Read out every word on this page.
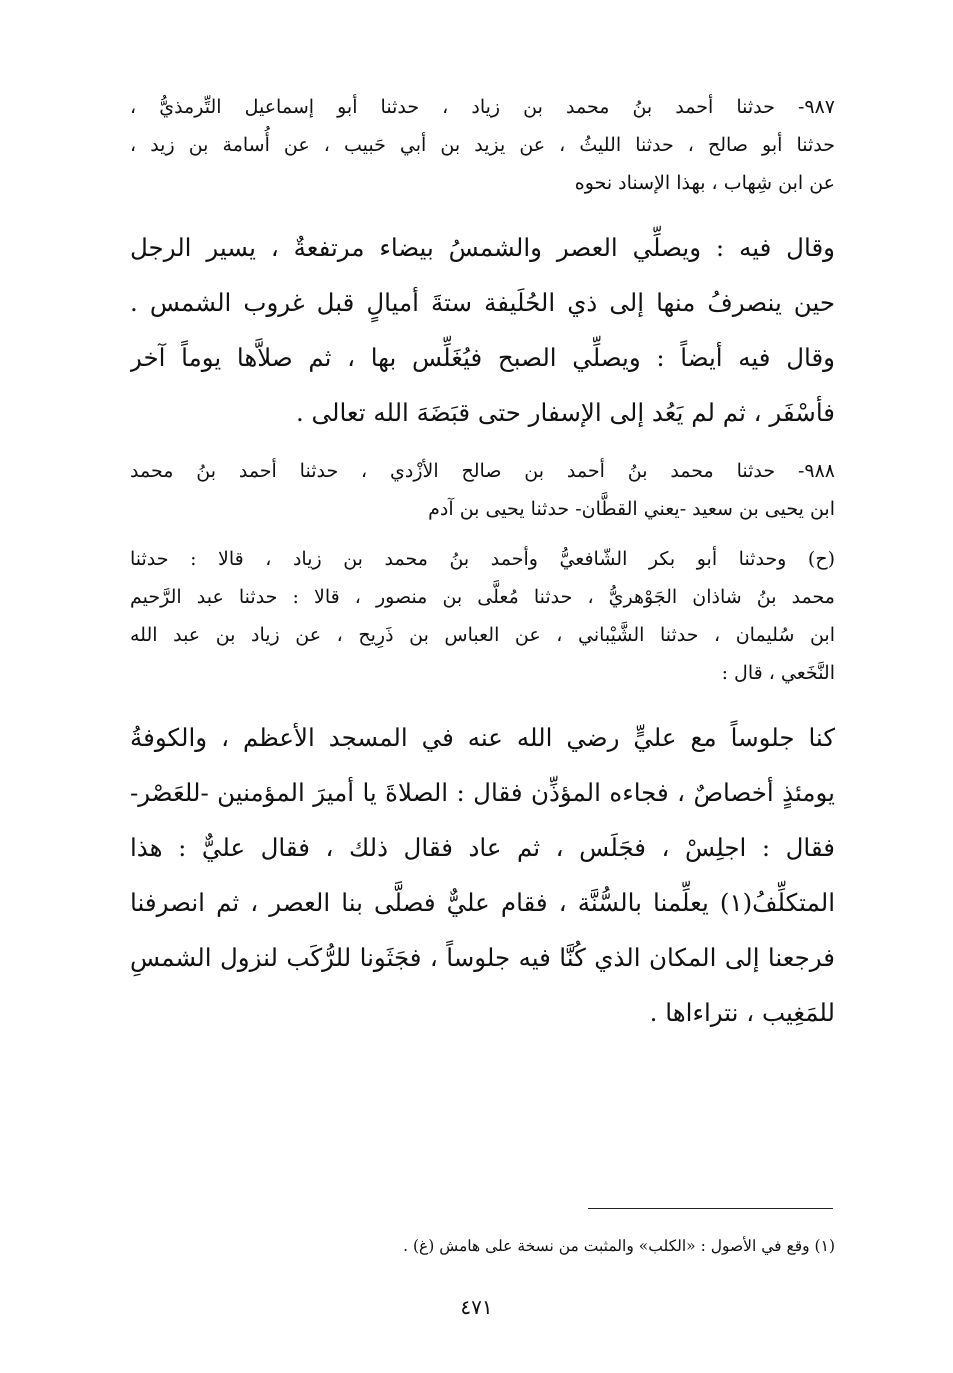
٩٨٧- حدثنا أحمد بنُ محمد بن زياد ، حدثنا أبو إسماعيل التِّرمذيُّ ،
حدثنا أبو صالح ، حدثنا الليثُ ، عن يزيد بن أبي حَبيب ، عن أُسامة بن زيد ،
عن ابن شِهاب ، بهذا الإسناد نحوه
وقال فيه : ويصلِّي العصر والشمسُ بيضاء مرتفعةٌ ، يسير الرجل
حين ينصرفُ منها إلى ذي الحُلَيفة ستةَ أميالٍ قبل غروب الشمس .
وقال فيه أيضاً : ويصلِّي الصبح فيُغَلِّس بها ، ثم صلاَّها يوماً آخر
فأسْفَر ، ثم لم يَعُد إلى الإسفار حتى قبَضَهَ الله تعالى .
٩٨٨- حدثنا محمد بنُ أحمد بن صالح الأزْدي ، حدثنا أحمد بنُ محمد
ابن يحيى بن سعيد -يعني القطَّان- حدثنا يحيى بن آدم
(ح) وحدثنا أبو بكر الشّافعيُّ وأحمد بنُ محمد بن زياد ، قالا : حدثنا
محمد بنُ شاذان الجَوْهريُّ ، حدثنا مُعلَّى بن منصور ، قالا : حدثنا عبد الرَّحيم
ابن سُليمان ، حدثنا الشَّيْباني ، عن العباس بن ذَرِيح ، عن زياد بن عبد الله
النَّخَعي ، قال :
كنا جلوساً مع عليٍّ رضي الله عنه في المسجد الأعظم ، والكوفةُ
يومئذٍ أخصاصٌ ، فجاءه المؤذِّن فقال : الصلاةَ يا أميرَ المؤمنين -للعَصْر-
فقال : اجلِسْ ، فجَلَس ، ثم عاد فقال ذلك ، فقال عليٌّ : هذا
المتكلِّفُ(١) يعلِّمنا بالسُّنَّة ، فقام عليٌّ فصلَّى بنا العصر ، ثم انصرفنا
فرجعنا إلى المكان الذي كُنَّا فيه جلوساً ، فجَثَونا للرُّكَب لنزول الشمسِ
للمَغِيب ، نتراءاها .
(١) وقع في الأصول : «الكلب» والمثبت من نسخة على هامش (غ) .
٤٧١
